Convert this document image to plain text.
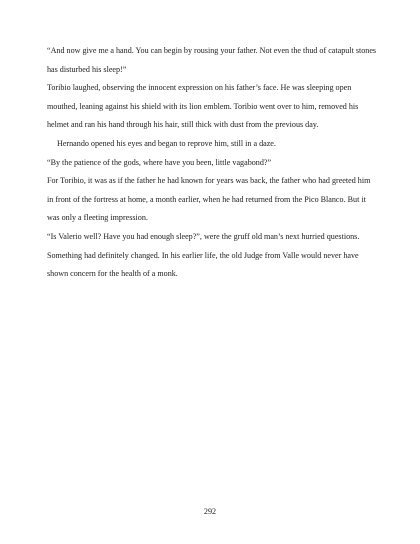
“And now give me a hand. You can begin by rousing your father. Not even the thud of catapult stones has disturbed his sleep!”

Toribio laughed, observing the innocent expression on his father’s face. He was sleeping open mouthed, leaning against his shield with its lion emblem. Toribio went over to him, removed his helmet and ran his hand through his hair, still thick with dust from the previous day.

Hernando opened his eyes and began to reprove him, still in a daze.

“By the patience of the gods, where have you been, little vagabond?”

For Toribio, it was as if the father he had known for years was back, the father who had greeted him in front of the fortress at home, a month earlier, when he had returned from the Pico Blanco. But it was only a fleeting impression.

“Is Valerio well? Have you had enough sleep?”, were the gruff old man’s next hurried questions. Something had definitely changed. In his earlier life, the old Judge from Valle would never have shown concern for the health of a monk.

292
